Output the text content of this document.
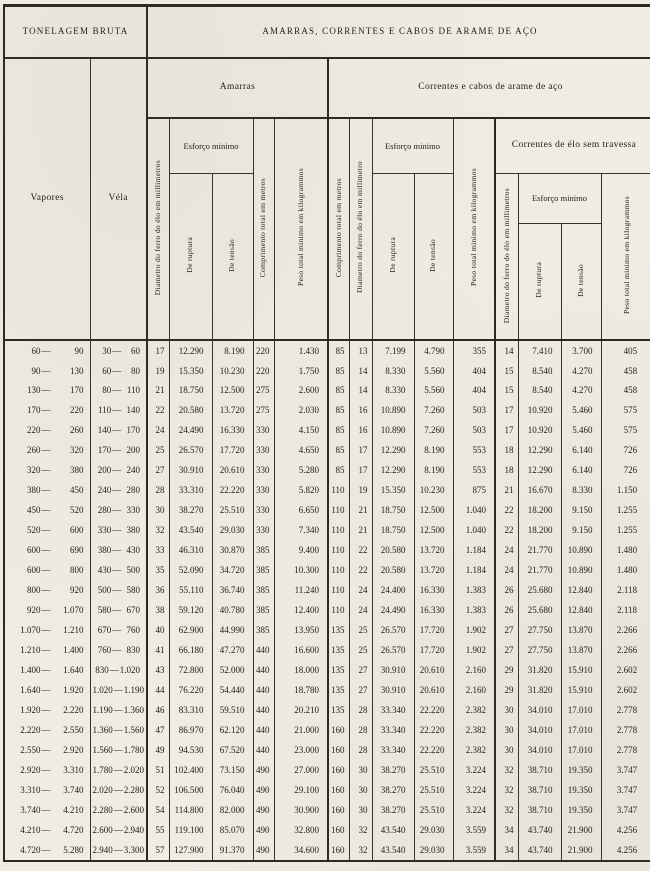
TONELAGEM BRUTA		AMARRAS, CORRENTES E CABOS DE ARAME DE AÇO													
Vapores	Véla	Amarras					Correntes e cabos de arame de aço								
		Diametro do ferro do élo em millimetros	Esforço minimo		Comprimento total em metros	Peso total minimo em kilogrammos	Comprimento total em metros	Diametro do ferro do élo em millimetro	Esforço minimo		Peso total minimo em kilogrammos	Correntes de élo sem travessa			
			De ruptura	De tensão					De ruptura	De tensão		Diametro do ferro do élo em millimetros	Esforço minimo		Peso total minimo em kilogrammos
													De ruptura	De tensão	

60 — 90	30 — 60	17	12.290	8.190	220	1.430	85	13	7.199	4.790	355	14	7.410	3.700	405

90 — 130	60 — 80	19	15.350	10.230	220	1.750	85	14	8.330	5.560	404	15	8.540	4.270	458

130 — 170	80 — 110	21	18.750	12.500	275	2.600	85	14	8.330	5.560	404	15	8.540	4.270	458

170 — 220	110 — 140	22	20.580	13.720	275	2.030	85	16	10.890	7.260	503	17	10.920	5.460	575

220 — 260	140 — 170	24	24.490	16.330	330	4.150	85	16	10.890	7.260	503	17	10.920	5.460	575

260 — 320	170 — 200	25	26.570	17.720	330	4.650	85	17	12.290	8.190	553	18	12.290	6.140	726

320 — 380	200 — 240	27	30.910	20.610	330	5.280	85	17	12.290	8.190	553	18	12.290	6.140	726

380 — 450	240 — 280	28	33.310	22.220	330	5.820	110	19	15.350	10.230	875	21	16.670	8.330	1.150

450 — 520	280 — 330	30	38.270	25.510	330	6.650	110	21	18.750	12.500	1.040	22	18.200	9.150	1.255

520 — 600	330 — 380	32	43.540	29.030	330	7.340	110	21	18.750	12.500	1.040	22	18.200	9.150	1.255

600 — 690	380 — 430	33	46.310	30.870	385	9.400	110	22	20.580	13.720	1.184	24	21.770	10.890	1.480

600 — 800	430 — 500	35	52.090	34.720	385	10.300	110	22	20.580	13.720	1.184	24	21.770	10.890	1.480

800 — 920	500 — 580	36	55.110	36.740	385	11.240	110	24	24.400	16.330	1.383	26	25.680	12.840	2.118

920 — 1.070	580 — 670	38	59.120	40.780	385	12.400	110	24	24.490	16.330	1.383	26	25.680	12.840	2.118

1.070 — 1.210	670 — 760	40	62.900	44.990	385	13.950	135	25	26.570	17.720	1.902	27	27.750	13.870	2.266

1.210 — 1.400	760 — 830	41	66.180	47.270	440	16.600	135	25	26.570	17.720	1.902	27	27.750	13.870	2.266

1.400 — 1.640	830 — 1.020	43	72.800	52.000	440	18.000	135	27	30.910	20.610	2.160	29	31.820	15.910	2.602

1.640 — 1.920	1.020 — 1.190	44	76.220	54.440	440	18.780	135	27	30.910	20.610	2.160	29	31.820	15.910	2.602

1.920 — 2.220	1.190 — 1.360	46	83.310	59.510	440	20.210	135	28	33.340	22.220	2.382	30	34.010	17.010	2.778

2.220 — 2.550	1.360 — 1.560	47	86.970	62.120	440	21.000	160	28	33.340	22.220	2.382	30	34.010	17.010	2.778

2.550 — 2.920	1.560 — 1.780	49	94.530	67.520	440	23.000	160	28	33.340	22.220	2.382	30	34.010	17.010	2.778

2.920 — 3.310	1.780 — 2.020	51	102.400	73.150	490	27.000	160	30	38.270	25.510	3.224	32	38.710	19.350	3.747

3.310 — 3.740	2.020 — 2.280	52	106.500	76.040	490	29.100	160	30	38.270	25.510	3.224	32	38.710	19.350	3.747

3.740 — 4.210	2.280 — 2.600	54	114.800	82.000	490	30.900	160	30	38.270	25.510	3.224	32	38.710	19.350	3.747

4.210 — 4.720	2.600 — 2.940	55	119.100	85.070	490	32.800	160	32	43.540	29.030	3.559	34	43.740	21.900	4.256

4.720 — 5.280	2.940 — 3.300	57	127.900	91.370	490	34.600	160	32	43.540	29.030	3.559	34	43.740	21.900	4.256
